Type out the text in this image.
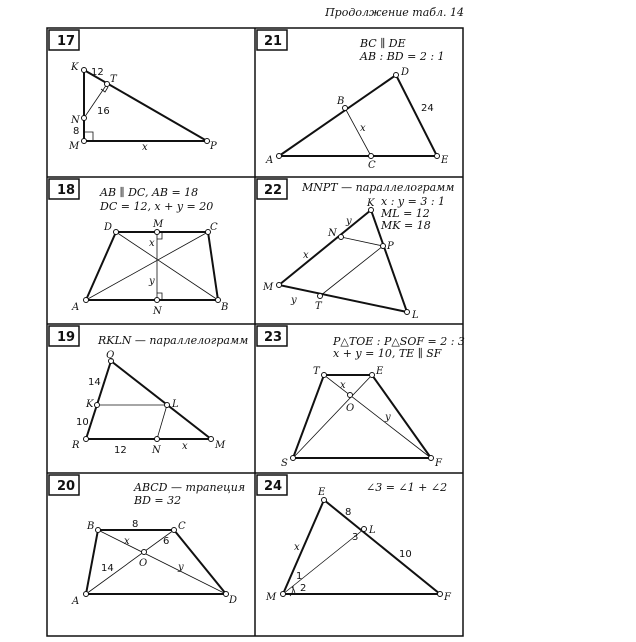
Продолжение табл. 14
17
K
T
N
M	P
12
16
8
x
21	BC ∥ DE
AB : BD = 2 : 1
A
B
C
D
E
24
x
18 AB ∥ DC, AB = 18
DC = 12, x + y = 20
A
D	C
B
M
N
x
y
22 MNPT — параллелограмм
x : y = 3 : 1
ML = 12
MK = 18
M
K
L
N
P
T
y
x
y
19 RKLN — параллелограмм
Q
K	L
R	N	M
14
10
12	x
23	P△TOE : P△SOF = 2 : 3
x + y = 10, TE ∥ SF
T	E
F
S
O
x
y
20	ABCD — трапеция
BD = 32
B	C
D
A
O
8
x	6
14	y
24	∠3 = ∠1 + ∠2
E
L
M	F
8
x
3
10
1
2
